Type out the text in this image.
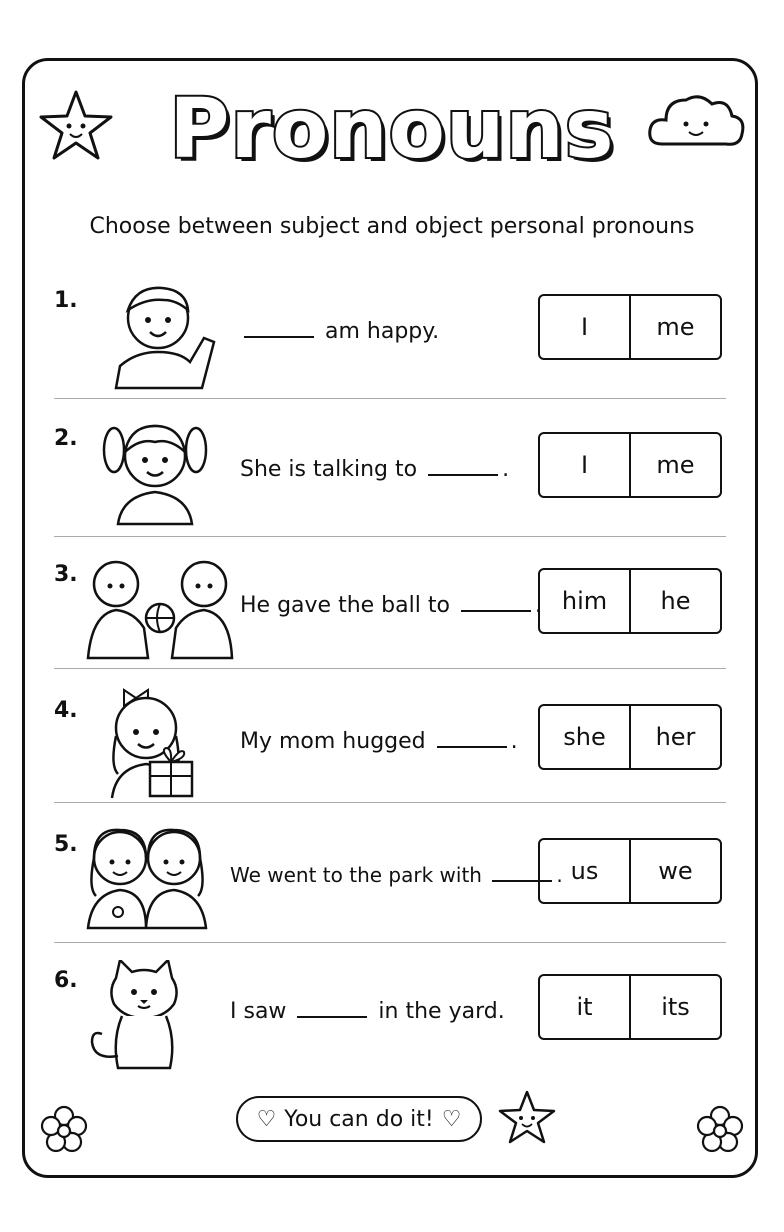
Pronouns
Choose between subject and object personal pronouns
1.
am happy.	I	me
2.
She is talking to	.	I	me
3.
He gave the ball to	. him	he
4.
My mom hugged	.	she	her
5.
We went to the park with	. us	we
6.
I saw	in the yard.	it	its
♡ You can do it! ♡
